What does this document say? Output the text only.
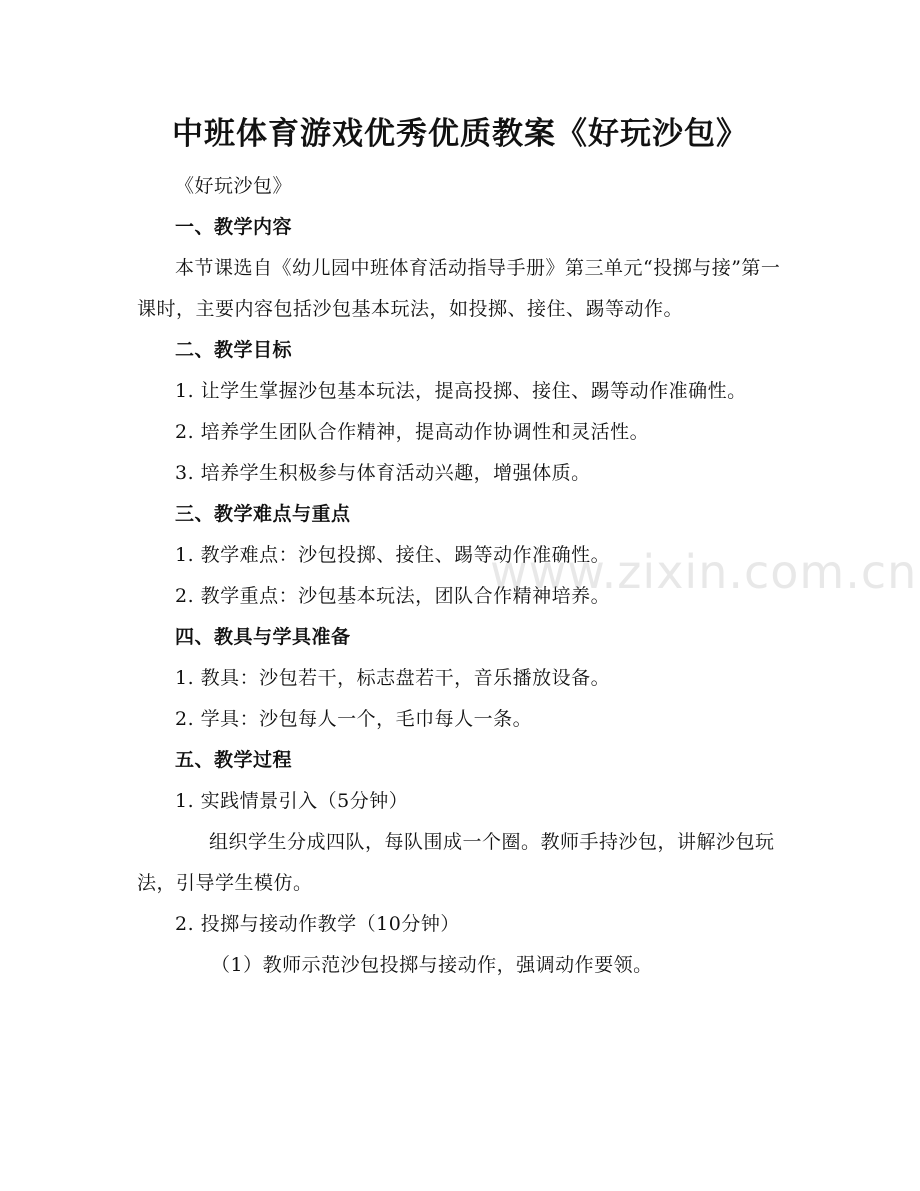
中班体育游戏优秀优质教案《好玩沙包》

《好玩沙包》

一、教学内容

本节课选自《幼儿园中班体育活动指导手册》第三单元“投掷与接”第一课时，主要内容包括沙包基本玩法，如投掷、接住、踢等动作。

二、教学目标

1. 让学生掌握沙包基本玩法，提高投掷、接住、踢等动作准确性。

2. 培养学生团队合作精神，提高动作协调性和灵活性。

3. 培养学生积极参与体育活动兴趣，增强体质。

三、教学难点与重点

1. 教学难点：沙包投掷、接住、踢等动作准确性。

2. 教学重点：沙包基本玩法，团队合作精神培养。

四、教具与学具准备

1. 教具：沙包若干，标志盘若干，音乐播放设备。

2. 学具：沙包每人一个，毛巾每人一条。

五、教学过程

1. 实践情景引入（5分钟）

组织学生分成四队，每队围成一个圈。教师手持沙包，讲解沙包玩法，引导学生模仿。

2. 投掷与接动作教学（10分钟）

（1）教师示范沙包投掷与接动作，强调动作要领。

www.zixin.com.cn
